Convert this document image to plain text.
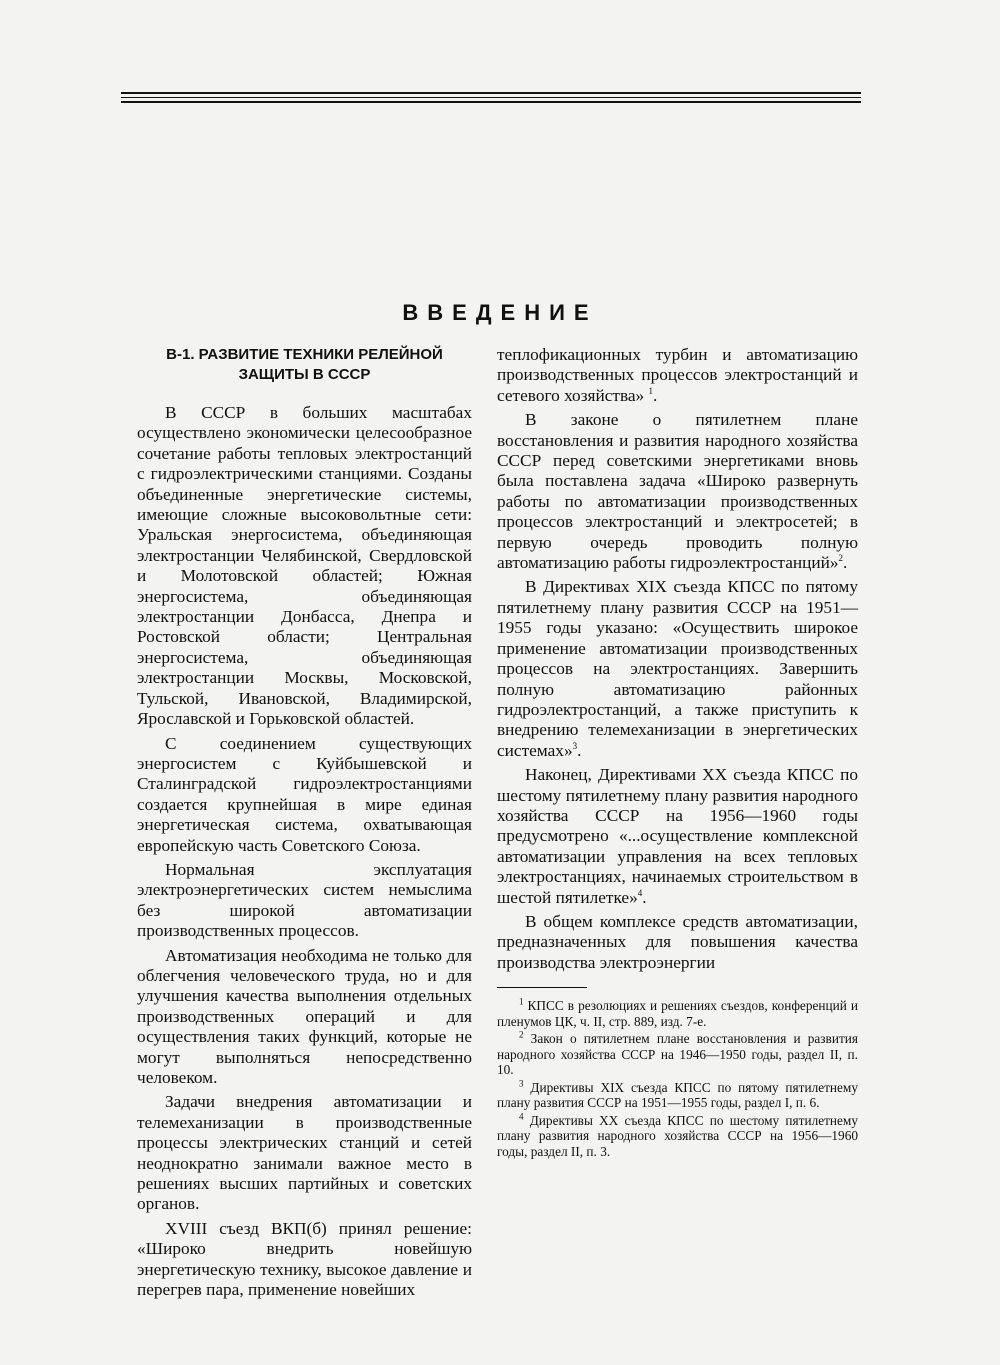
ВВЕДЕНИЕ
В-1. РАЗВИТИЕ ТЕХНИКИ РЕЛЕЙНОЙ
ЗАЩИТЫ В СССР

В СССР в больших масштабах осуществлено экономически целесообразное сочетание работы тепловых электростанций с гидроэлектрическими станциями. Созданы объединенные энергетические системы, имеющие сложные высоковольтные сети: Уральская энергосистема, объединяющая электростанции Челябинской, Свердловской и Молотовской областей; Южная энергосистема, объединяющая электростанции Донбасса, Днепра и Ростовской области; Центральная энергосистема, объединяющая электростанции Москвы, Московской, Тульской, Ивановской, Владимирской, Ярославской и Горьковской областей.

С соединением существующих энергосистем с Куйбышевской и Сталинградской гидроэлектростанциями создается крупнейшая в мире единая энергетическая система, охватывающая европейскую часть Советского Союза.

Нормальная эксплуатация электроэнергетических систем немыслима без широкой автоматизации производственных процессов.

Автоматизация необходима не только для облегчения человеческого труда, но и для улучшения качества выполнения отдельных производственных операций и для осуществления таких функций, которые не могут выполняться непосредственно человеком.

Задачи внедрения автоматизации и телемеханизации в производственные процессы электрических станций и сетей неоднократно занимали важное место в решениях высших партийных и советских органов.

XVIII съезд ВКП(б) принял решение: «Широко внедрить новейшую энергетическую технику, высокое давление и перегрев пара, применение новейших

теплофикационных турбин и автоматизацию производственных процессов электростанций и сетевого хозяйства» $^1$.

В законе о пятилетнем плане восстановления и развития народного хозяйства СССР перед советскими энергетиками вновь была поставлена задача «Широко развернуть работы по автоматизации производственных процессов электростанций и электросетей; в первую очередь проводить полную автоматизацию работы гидроэлектростанций»$^2$.

В Директивах XIX съезда КПСС по пятому пятилетнему плану развития СССР на 1951—1955 годы указано: «Осуществить широкое применение автоматизации производственных процессов на электростанциях. Завершить полную автоматизацию районных гидроэлектростанций, а также приступить к внедрению телемеханизации в энергетических системах»$^3$.

Наконец, Директивами XX съезда КПСС по шестому пятилетнему плану развития народного хозяйства СССР на 1956—1960 годы предусмотрено «...осуществление комплексной автоматизации управления на всех тепловых электростанциях, начинаемых строительством в шестой пятилетке»$^4$.

В общем комплексе средств автоматизации, предназначенных для повышения качества производства электроэнергии

$^1$ КПСС в резолюциях и решениях съездов, конференций и пленумов ЦК, ч. II, стр. 889, изд. 7-е.

$^2$ Закон о пятилетнем плане восстановления и развития народного хозяйства СССР на 1946—1950 годы, раздел II, п. 10.

$^3$ Директивы XIX съезда КПСС по пятому пятилетнему плану развития СССР на 1951—1955 годы, раздел I, п. 6.

$^4$ Директивы XX съезда КПСС по шестому пятилетнему плану развития народного хозяйства СССР на 1956—1960 годы, раздел II, п. 3.
